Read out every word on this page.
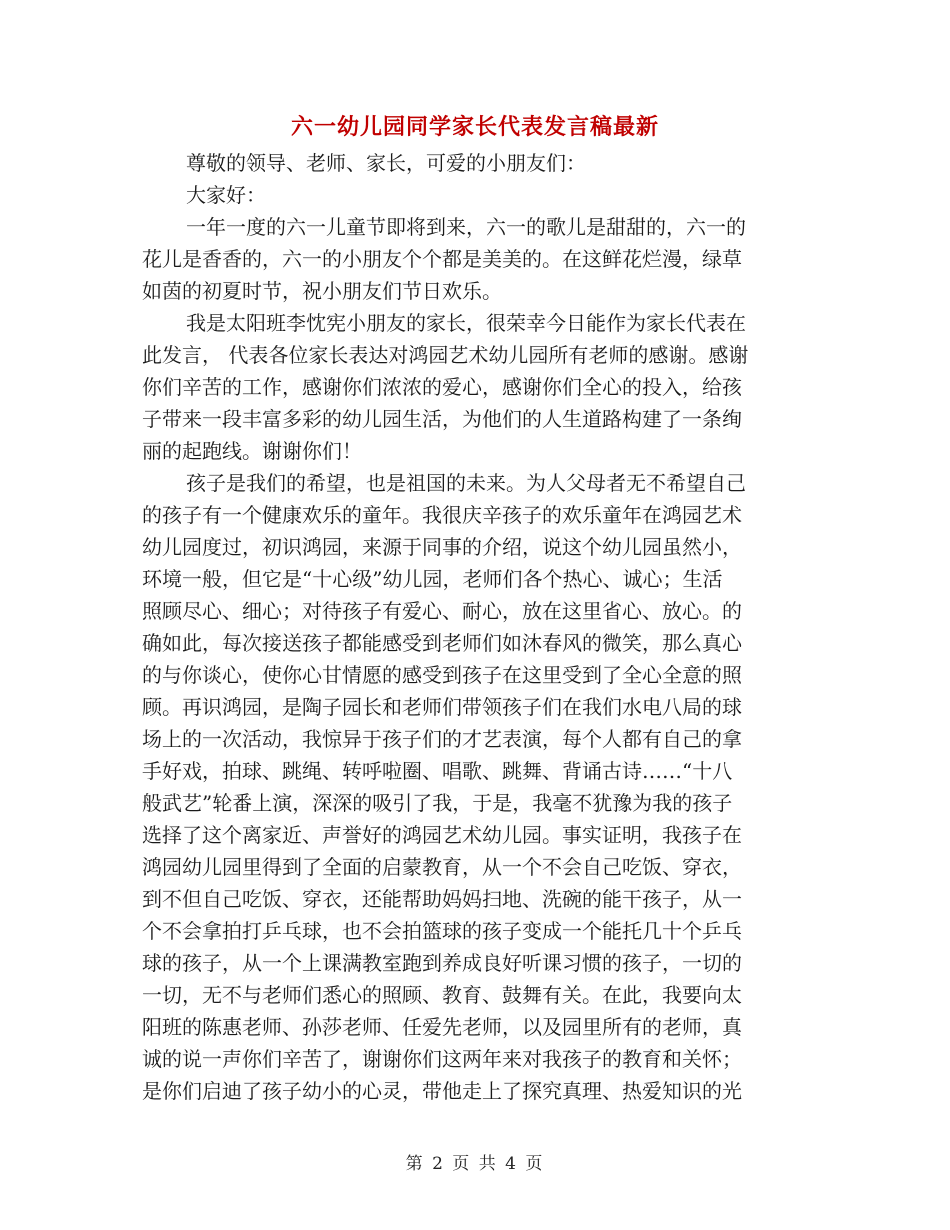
六一幼儿园同学家长代表发言稿最新
尊敬的领导、老师、家长，可爱的小朋友们：
大家好：
一年一度的六一儿童节即将到来，六一的歌儿是甜甜的，六一的
花儿是香香的，六一的小朋友个个都是美美的。在这鲜花烂漫，绿草
如茵的初夏时节，祝小朋友们节日欢乐。
我是太阳班李忱宪小朋友的家长，很荣幸今日能作为家长代表在
此发言， 代表各位家长表达对鸿园艺术幼儿园所有老师的感谢。感谢
你们辛苦的工作，感谢你们浓浓的爱心，感谢你们全心的投入，给孩
子带来一段丰富多彩的幼儿园生活，为他们的人生道路构建了一条绚
丽的起跑线。谢谢你们！
孩子是我们的希望，也是祖国的未来。为人父母者无不希望自己
的孩子有一个健康欢乐的童年。我很庆辛孩子的欢乐童年在鸿园艺术
幼儿园度过，初识鸿园，来源于同事的介绍，说这个幼儿园虽然小，
环境一般，但它是“十心级”幼儿园，老师们各个热心、诚心；生活
照顾尽心、细心；对待孩子有爱心、耐心，放在这里省心、放心。的
确如此，每次接送孩子都能感受到老师们如沐春风的微笑，那么真心
的与你谈心，使你心甘情愿的感受到孩子在这里受到了全心全意的照
顾。再识鸿园，是陶子园长和老师们带领孩子们在我们水电八局的球
场上的一次活动，我惊异于孩子们的才艺表演，每个人都有自己的拿
手好戏，拍球、跳绳、转呼啦圈、唱歌、跳舞、背诵古诗……“十八
般武艺”轮番上演，深深的吸引了我，于是，我毫不犹豫为我的孩子
选择了这个离家近、声誉好的鸿园艺术幼儿园。事实证明，我孩子在
鸿园幼儿园里得到了全面的启蒙教育，从一个不会自己吃饭、穿衣，
到不但自己吃饭、穿衣，还能帮助妈妈扫地、洗碗的能干孩子，从一
个不会拿拍打乒乓球，也不会拍篮球的孩子变成一个能托几十个乒乓
球的孩子，从一个上课满教室跑到养成良好听课习惯的孩子，一切的
一切，无不与老师们悉心的照顾、教育、鼓舞有关。在此，我要向太
阳班的陈惠老师、孙莎老师、任爱先老师，以及园里所有的老师，真
诚的说一声你们辛苦了，谢谢你们这两年来对我孩子的教育和关怀；
是你们启迪了孩子幼小的心灵，带他走上了探究真理、热爱知识的光
第 2 页 共 4 页
